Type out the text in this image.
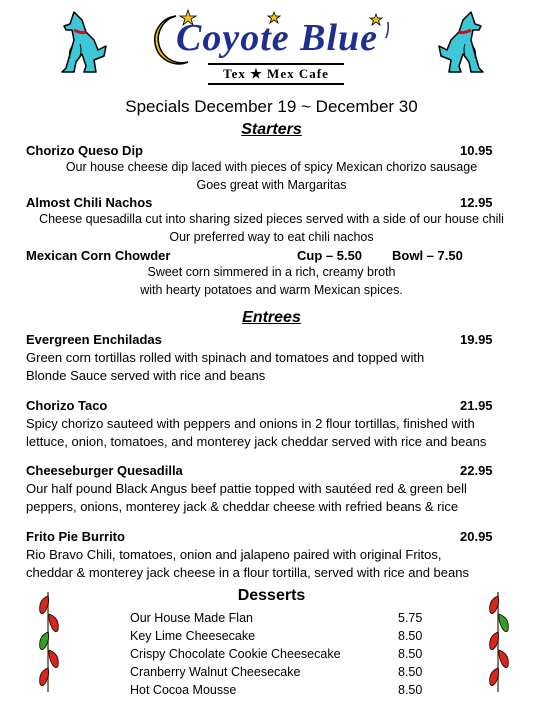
Coyote Blue
Tex ★ Mex Cafe
Specials December 19 ~ December 30
Starters
Chorizo Queso Dip	10.95
Our house cheese dip laced with pieces of spicy Mexican chorizo sausage
Goes great with Margaritas
Almost Chili Nachos	12.95
Cheese quesadilla cut into sharing sized pieces served with a side of our house chili
Our preferred way to eat chili nachos
Mexican Corn Chowder	Cup – 5.50 Bowl – 7.50
Sweet corn simmered in a rich, creamy broth
with hearty potatoes and warm Mexican spices.
Entrees
Evergreen Enchiladas	19.95
Green corn tortillas rolled with spinach and tomatoes and topped with
Blonde Sauce served with rice and beans
Chorizo Taco	21.95
Spicy chorizo sauteed with peppers and onions in 2 flour tortillas, finished with
lettuce, onion, tomatoes, and monterey jack cheddar served with rice and beans
Cheeseburger Quesadilla	22.95
Our half pound Black Angus beef pattie topped with sautéed red & green bell
peppers, onions, monterey jack & cheddar cheese with refried beans & rice
Frito Pie Burrito	20.95
Rio Bravo Chili, tomatoes, onion and jalapeno paired with original Fritos,
cheddar & monterey jack cheese in a flour tortilla, served with rice and beans
Desserts
Our House Made Flan	5.75
Key Lime Cheesecake	8.50
Crispy Chocolate Cookie Cheesecake	8.50
Cranberry Walnut Cheesecake	8.50
Hot Cocoa Mousse	8.50
